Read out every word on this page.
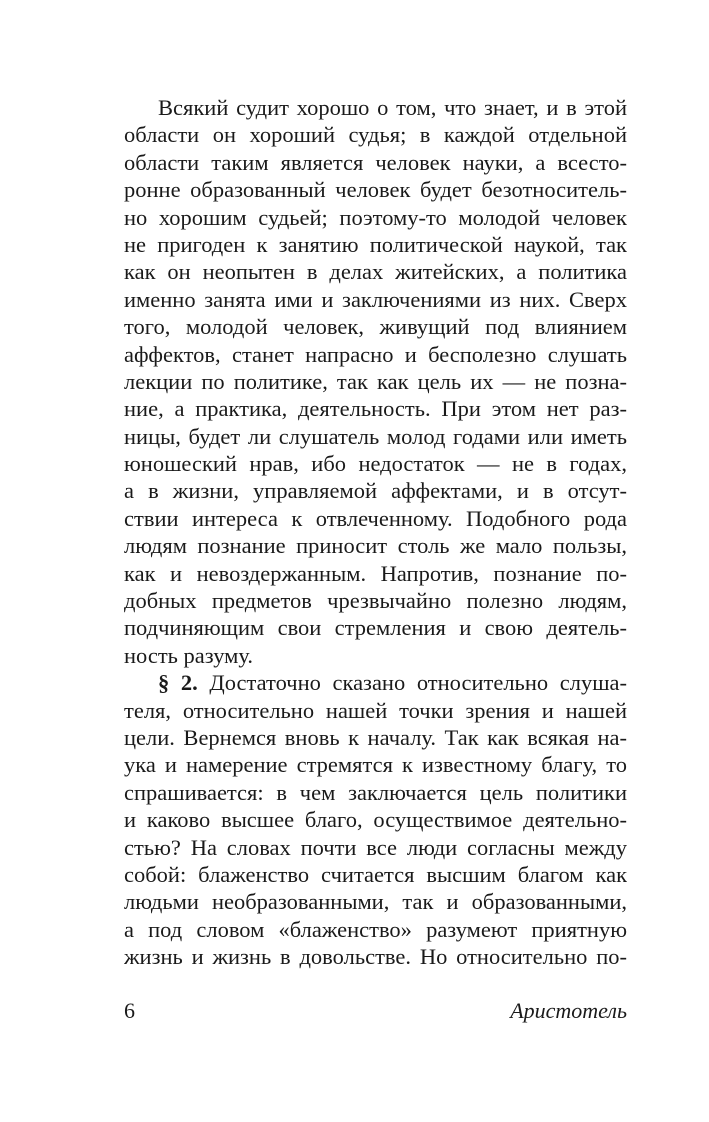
Всякий судит хорошо о том, что знает, и в этой
области он хороший судья; в каждой отдельной
области таким является человек науки, а всесто-
ронне образованный человек будет безотноситель-
но хорошим судьей; поэтому-то молодой человек
не пригоден к занятию политической наукой, так
как он неопытен в делах житейских, а политика
именно занята ими и заключениями из них. Сверх
того, молодой человек, живущий под влиянием
аффектов, станет напрасно и бесполезно слушать
лекции по политике, так как цель их — не позна-
ние, а практика, деятельность. При этом нет раз-
ницы, будет ли слушатель молод годами или иметь
юношеский нрав, ибо недостаток — не в годах,
а в жизни, управляемой аффектами, и в отсут-
ствии интереса к отвлеченному. Подобного рода
людям познание приносит столь же мало пользы,
как и невоздержанным. Напротив, познание по-
добных предметов чрезвычайно полезно людям,
подчиняющим свои стремления и свою деятель-
ность разуму.
§ 2. Достаточно сказано относительно слуша-
теля, относительно нашей точки зрения и нашей
цели. Вернемся вновь к началу. Так как всякая на-
ука и намерение стремятся к известному благу, то
спрашивается: в чем заключается цель политики
и каково высшее благо, осуществимое деятельно-
стью? На словах почти все люди согласны между
собой: блаженство считается высшим благом как
людьми необразованными, так и образованными,
а под словом «блаженство» разумеют приятную
жизнь и жизнь в довольстве. Но относительно по-
6	Аристотель
